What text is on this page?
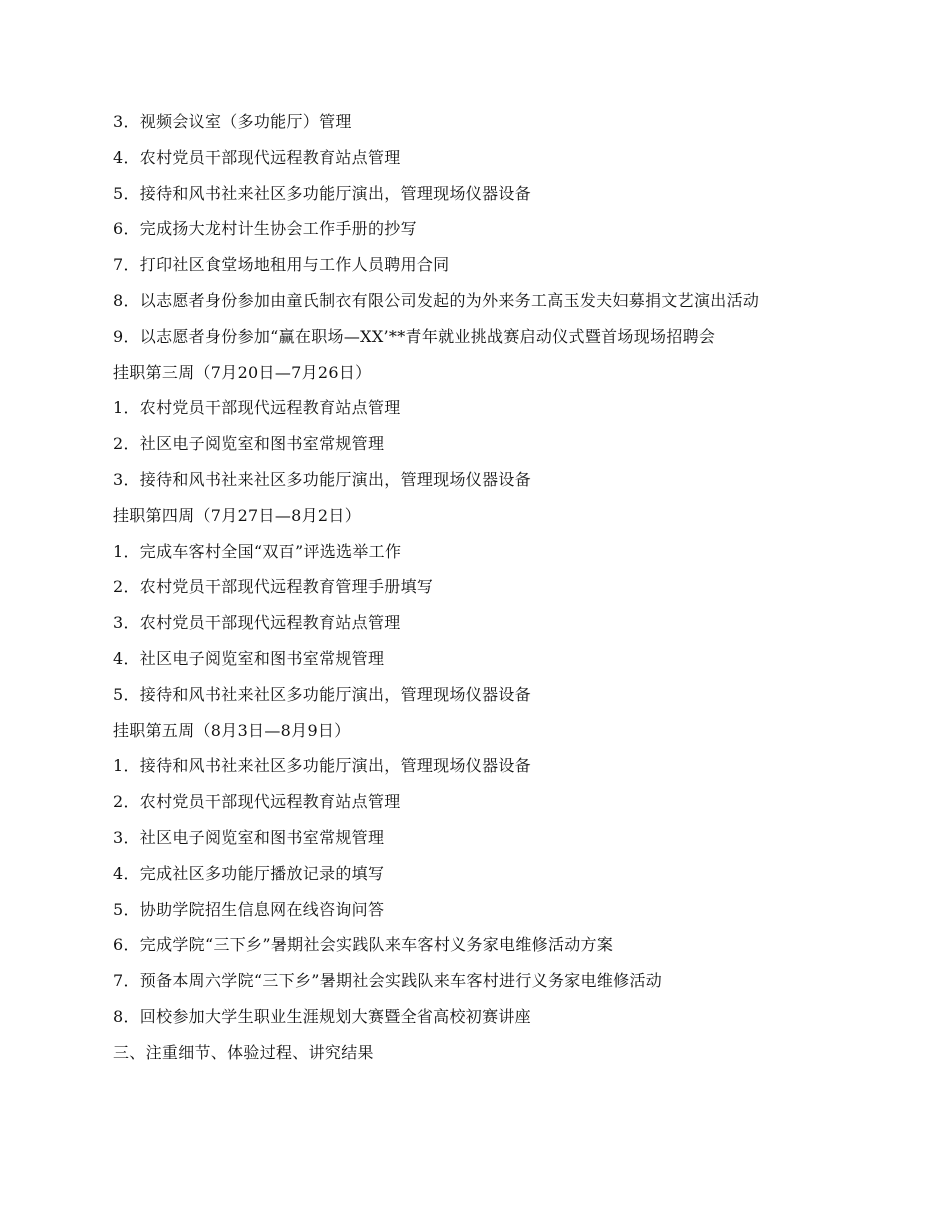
3．视频会议室（多功能厅）管理

4．农村党员干部现代远程教育站点管理

5．接待和风书社来社区多功能厅演出，管理现场仪器设备

6．完成扬大龙村计生协会工作手册的抄写

7．打印社区食堂场地租用与工作人员聘用合同

8．以志愿者身份参加由童氏制衣有限公司发起的为外来务工高玉发夫妇募捐文艺演出活动

9．以志愿者身份参加“赢在职场—XX’**青年就业挑战赛启动仪式暨首场现场招聘会

挂职第三周（7月20日—7月26日）

1．农村党员干部现代远程教育站点管理

2．社区电子阅览室和图书室常规管理

3．接待和风书社来社区多功能厅演出，管理现场仪器设备

挂职第四周（7月27日—8月2日）

1．完成车客村全国“双百”评选选举工作

2．农村党员干部现代远程教育管理手册填写

3．农村党员干部现代远程教育站点管理

4．社区电子阅览室和图书室常规管理

5．接待和风书社来社区多功能厅演出，管理现场仪器设备

挂职第五周（8月3日—8月9日）

1．接待和风书社来社区多功能厅演出，管理现场仪器设备

2．农村党员干部现代远程教育站点管理

3．社区电子阅览室和图书室常规管理

4．完成社区多功能厅播放记录的填写

5．协助学院招生信息网在线咨询问答

6．完成学院“三下乡”暑期社会实践队来车客村义务家电维修活动方案

7．预备本周六学院“三下乡”暑期社会实践队来车客村进行义务家电维修活动

8．回校参加大学生职业生涯规划大赛暨全省高校初赛讲座

三、注重细节、体验过程、讲究结果
